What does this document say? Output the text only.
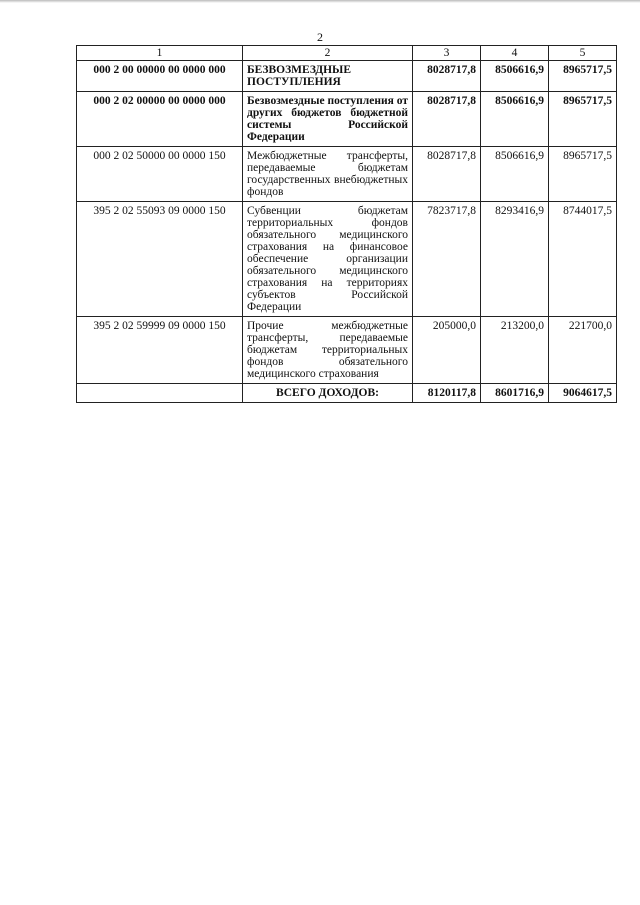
2
1	2	3	4	5
000 2 00 00000 00 0000 000	БЕЗВОЗМЕЗДНЫЕ ПОСТУПЛЕНИЯ	8028717,8	8506616,9	8965717,5
000 2 02 00000 00 0000 000	Безвозмездные поступления от других бюджетов бюджетной системы Российской Федерации	8028717,8	8506616,9	8965717,5
000 2 02 50000 00 0000 150	Межбюджетные трансферты, передаваемые бюджетам государственных внебюджетных фондов	8028717,8	8506616,9	8965717,5
395 2 02 55093 09 0000 150	Субвенции бюджетам территориальных фондов обязательного медицинского страхования на финансовое обеспечение организации обязательного медицинского страхования на территориях субъектов Российской Федерации	7823717,8	8293416,9	8744017,5
395 2 02 59999 09 0000 150	Прочие межбюджетные трансферты, передаваемые бюджетам территориальных фондов обязательного медицинского страхования	205000,0	213200,0	221700,0
	ВСЕГО ДОХОДОВ:	8120117,8	8601716,9	9064617,5
